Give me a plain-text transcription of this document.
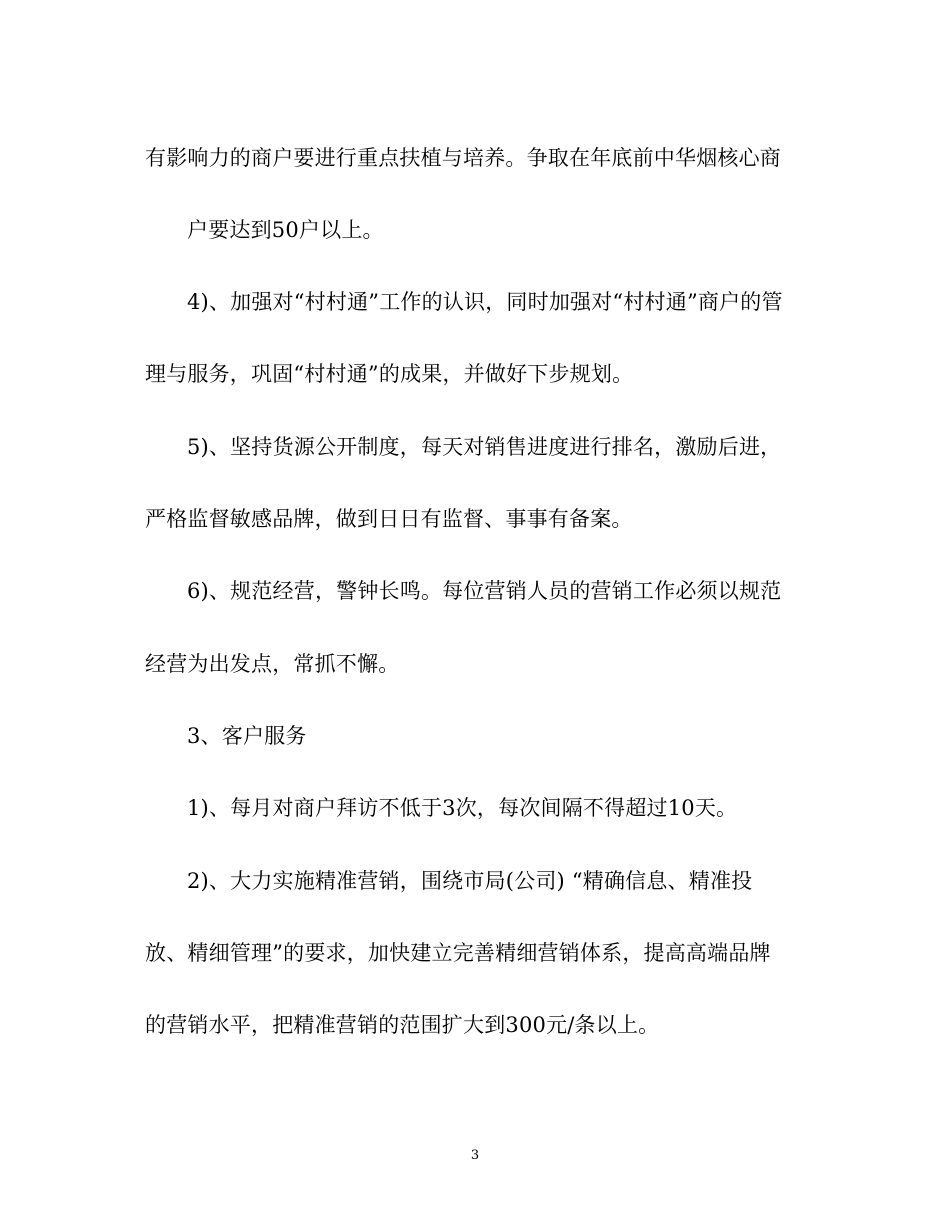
有影响力的商户要进行重点扶植与培养。争取在年底前中华烟核心商
户要达到50户以上。
4)、加强对“村村通”工作的认识，同时加强对“村村通”商户的管
理与服务，巩固“村村通”的成果，并做好下步规划。
5)、坚持货源公开制度，每天对销售进度进行排名，激励后进，
严格监督敏感品牌，做到日日有监督、事事有备案。
6)、规范经营，警钟长鸣。每位营销人员的营销工作必须以规范
经营为出发点，常抓不懈。
3、客户服务
1)、每月对商户拜访不低于3次，每次间隔不得超过10天。
2)、大力实施精准营销，围绕市局(公司) “精确信息、精准投
放、精细管理”的要求，加快建立完善精细营销体系，提高高端品牌
的营销水平，把精准营销的范围扩大到300元/条以上。
3
